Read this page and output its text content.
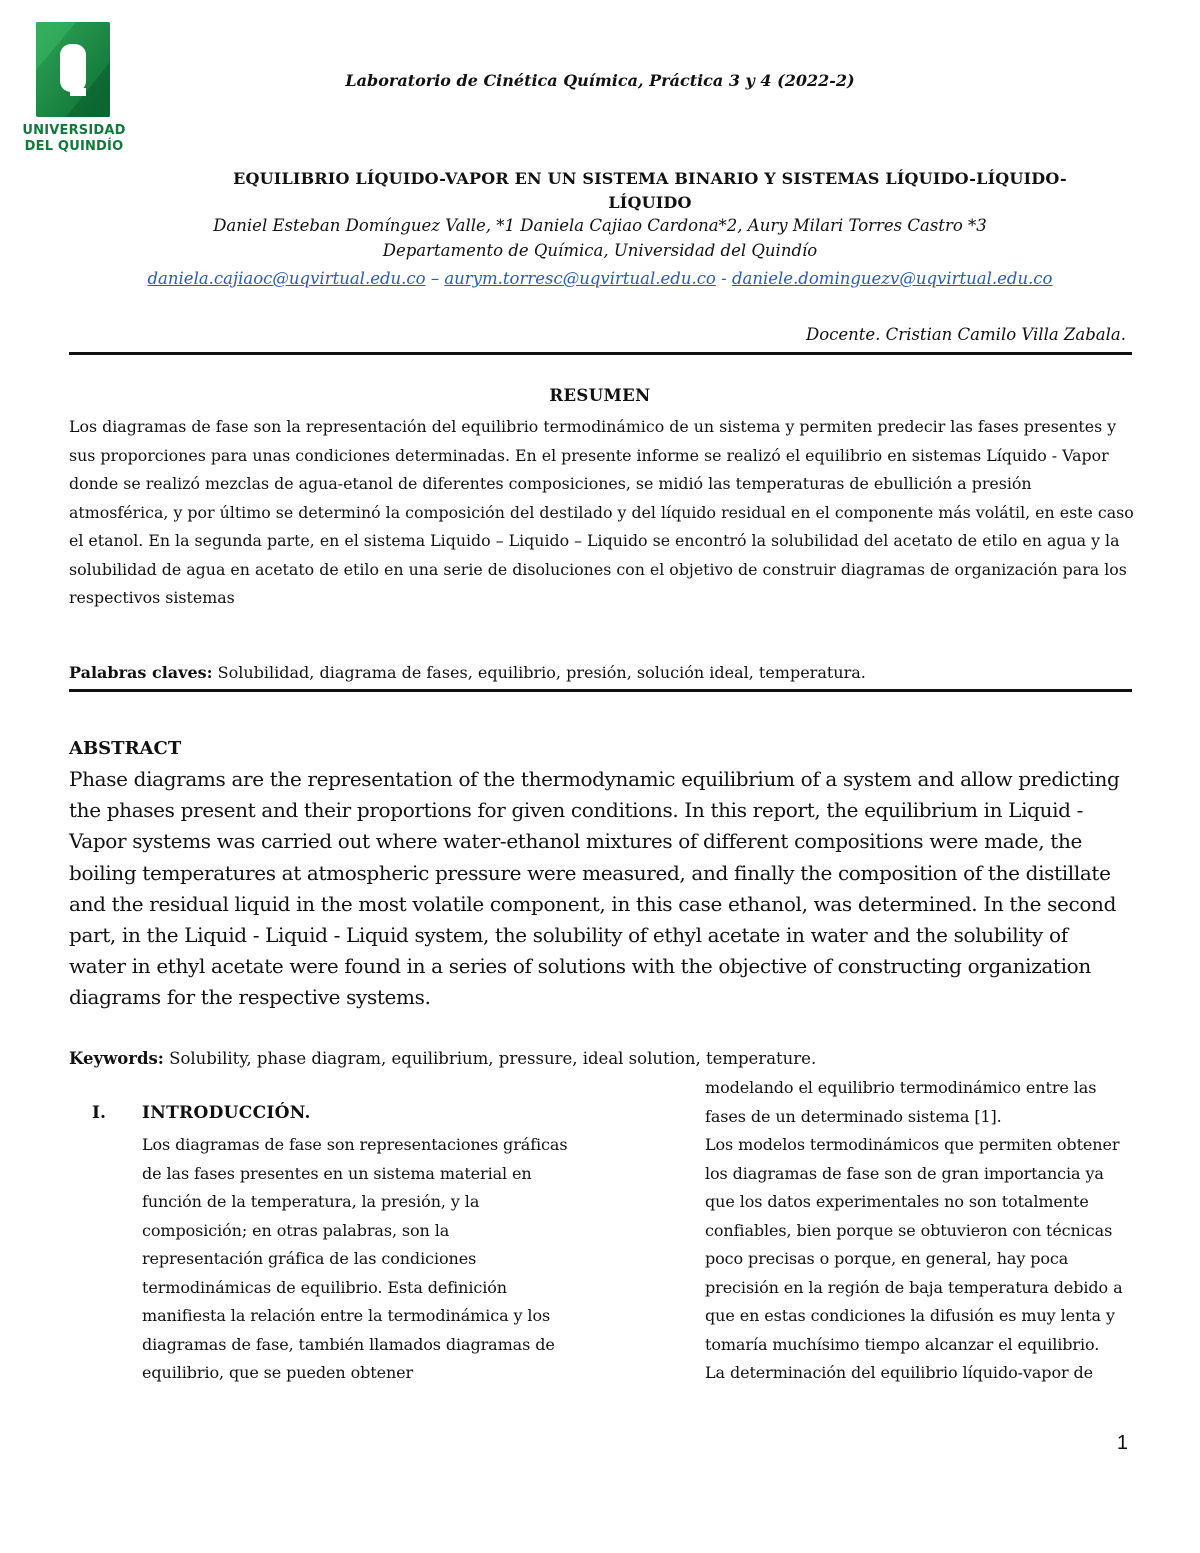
UNIVERSIDAD
DEL QUINDÍO
Laboratorio de Cinética Química, Práctica 3 y 4 (2022-2)
EQUILIBRIO LÍQUIDO-VAPOR EN UN SISTEMA BINARIO Y SISTEMAS LÍQUIDO-LÍQUIDO-
LÍQUIDO
Daniel Esteban Domínguez Valle, *1 Daniela Cajiao Cardona*2, Aury Milari Torres Castro *3
Departamento de Química, Universidad del Quindío
daniela.cajiaoc@uqvirtual.edu.co – aurym.torresc@uqvirtual.edu.co - daniele.dominguezv@uqvirtual.edu.co
Docente. Cristian Camilo Villa Zabala.
RESUMEN
Los diagramas de fase son la representación del equilibrio termodinámico de un sistema y permiten predecir las fases presentes y sus proporciones para unas condiciones determinadas. En el presente informe se realizó el equilibrio en sistemas Líquido - Vapor donde se realizó mezclas de agua-etanol de diferentes composiciones, se midió las temperaturas de ebullición a presión atmosférica, y por último se determinó la composición del destilado y del líquido residual en el componente más volátil, en este caso el etanol. En la segunda parte, en el sistema Liquido – Liquido – Liquido se encontró la solubilidad del acetato de etilo en agua y la solubilidad de agua en acetato de etilo en una serie de disoluciones con el objetivo de construir diagramas de organización para los respectivos sistemas
Palabras claves: Solubilidad, diagrama de fases, equilibrio, presión, solución ideal, temperatura.
ABSTRACT
Phase diagrams are the representation of the thermodynamic equilibrium of a system and allow predicting the phases present and their proportions for given conditions. In this report, the equilibrium in Liquid - Vapor systems was carried out where water-ethanol mixtures of different compositions were made, the boiling temperatures at atmospheric pressure were measured, and finally the composition of the distillate and the residual liquid in the most volatile component, in this case ethanol, was determined. In the second part, in the Liquid - Liquid - Liquid system, the solubility of ethyl acetate in water and the solubility of water in ethyl acetate were found in a series of solutions with the objective of constructing organization diagrams for the respective systems.
Keywords: Solubility, phase diagram, equilibrium, pressure, ideal solution, temperature.
I. INTRODUCCIÓN.

Los diagramas de fase son representaciones gráficas de las fases presentes en un sistema material en función de la temperatura, la presión, y la composición; en otras palabras, son la representación gráfica de las condiciones termodinámicas de equilibrio. Esta definición manifiesta la relación entre la termodinámica y los diagramas de fase, también llamados diagramas de equilibrio, que se pueden obtener

modelando el equilibrio termodinámico entre las fases de un determinado sistema [1].

Los modelos termodinámicos que permiten obtener los diagramas de fase son de gran importancia ya que los datos experimentales no son totalmente confiables, bien porque se obtuvieron con técnicas poco precisas o porque, en general, hay poca precisión en la región de baja temperatura debido a que en estas condiciones la difusión es muy lenta y tomaría muchísimo tiempo alcanzar el equilibrio.

La determinación del equilibrio líquido-vapor de

1
